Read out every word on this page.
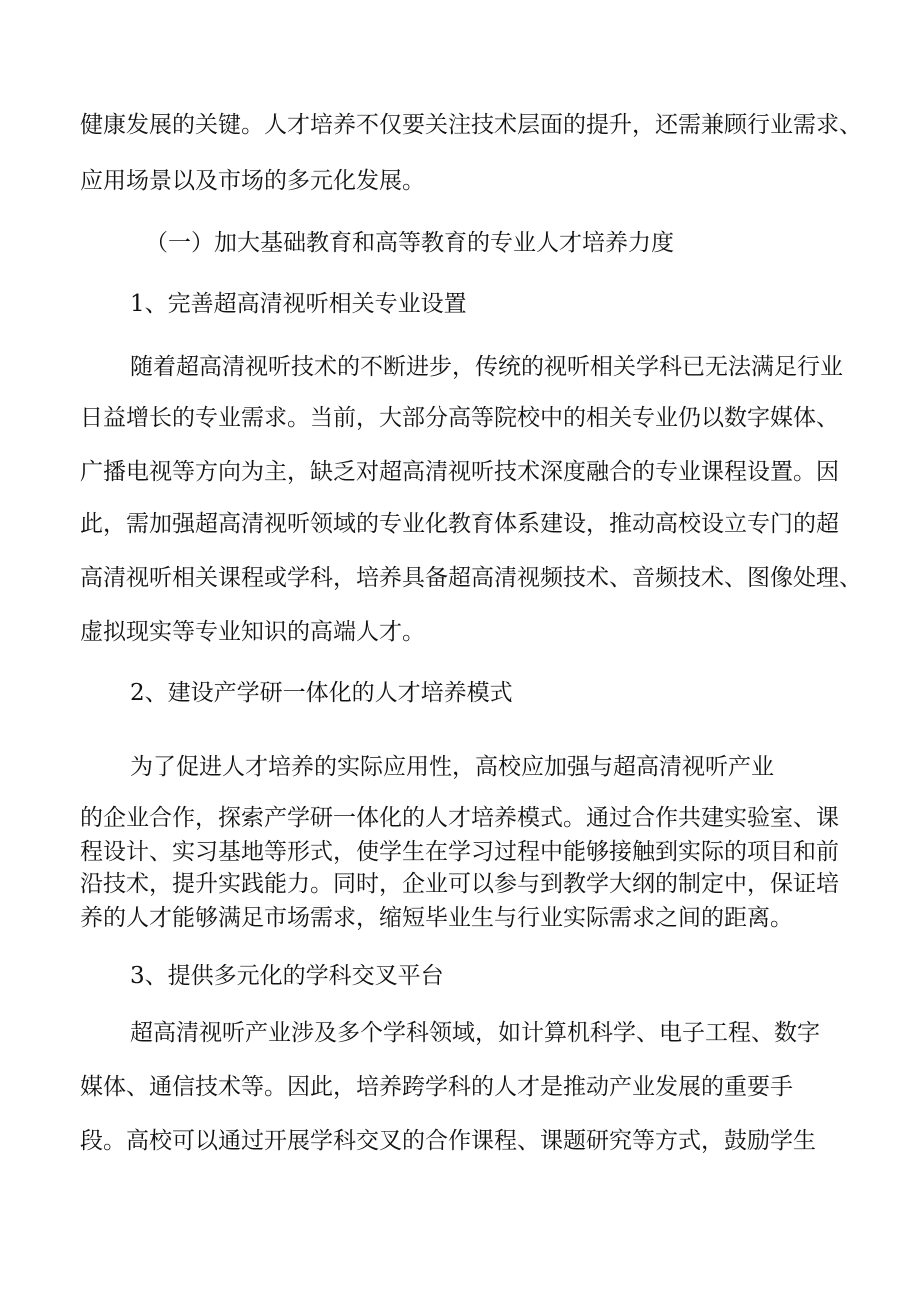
健康发展的关键。人才培养不仅要关注技术层面的提升，还需兼顾行业需求、
应用场景以及市场的多元化发展。
（一）加大基础教育和高等教育的专业人才培养力度
1、完善超高清视听相关专业设置
随着超高清视听技术的不断进步，传统的视听相关学科已无法满足行业
日益增长的专业需求。当前，大部分高等院校中的相关专业仍以数字媒体、
广播电视等方向为主，缺乏对超高清视听技术深度融合的专业课程设置。因
此，需加强超高清视听领域的专业化教育体系建设，推动高校设立专门的超
高清视听相关课程或学科，培养具备超高清视频技术、音频技术、图像处理、
虚拟现实等专业知识的高端人才。
2、建设产学研一体化的人才培养模式
为了促进人才培养的实际应用性，高校应加强与超高清视听产业
的企业合作，探索产学研一体化的人才培养模式。通过合作共建实验室、课
程设计、实习基地等形式，使学生在学习过程中能够接触到实际的项目和前
沿技术，提升实践能力。同时，企业可以参与到教学大纲的制定中，保证培
养的人才能够满足市场需求，缩短毕业生与行业实际需求之间的距离。
3、提供多元化的学科交叉平台
超高清视听产业涉及多个学科领域，如计算机科学、电子工程、数字
媒体、通信技术等。因此，培养跨学科的人才是推动产业发展的重要手
段。高校可以通过开展学科交叉的合作课程、课题研究等方式，鼓励学生
